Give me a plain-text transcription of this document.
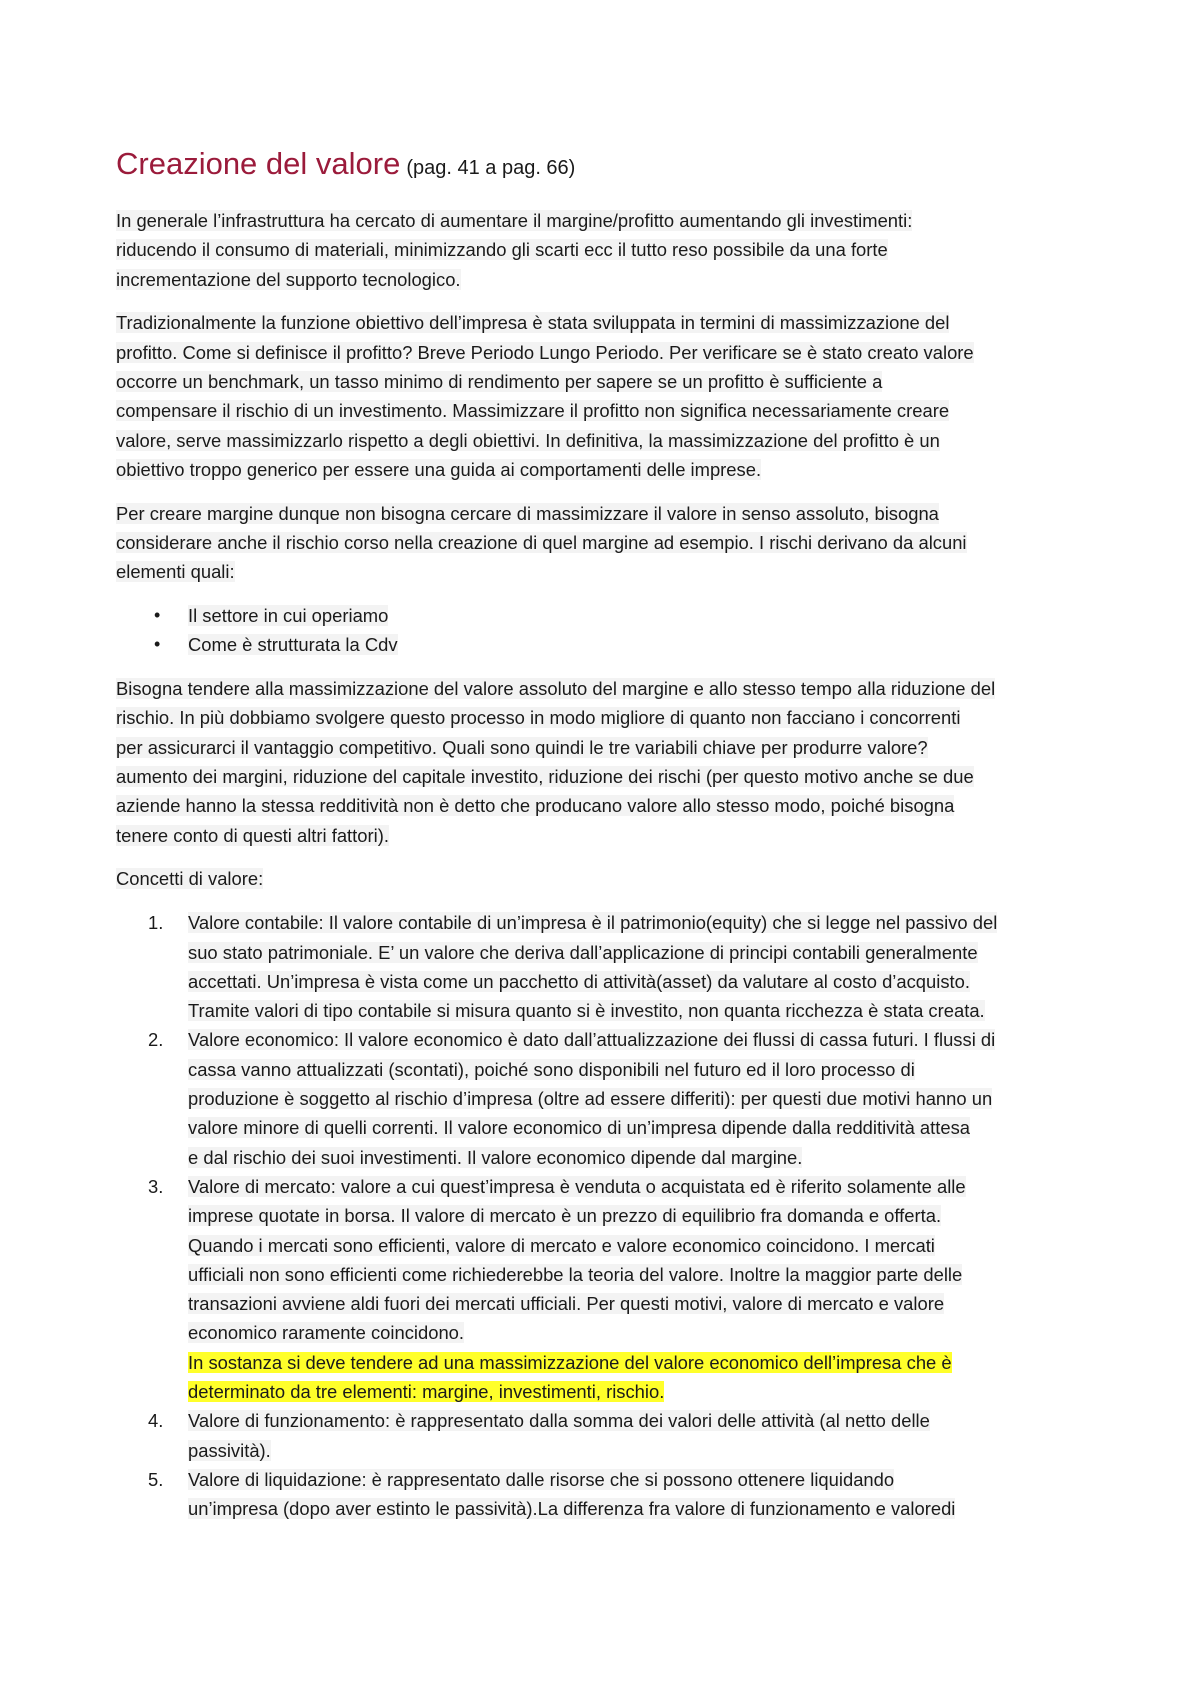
Creazione del valore (pag. 41 a pag. 66)
In generale l’infrastruttura ha cercato di aumentare il margine/profitto aumentando gli investimenti:
riducendo il consumo di materiali, minimizzando gli scarti ecc il tutto reso possibile da una forte
incrementazione del supporto tecnologico.
Tradizionalmente la funzione obiettivo dell’impresa è stata sviluppata in termini di massimizzazione del
profitto. Come si definisce il profitto? Breve Periodo Lungo Periodo. Per verificare se è stato creato valore
occorre un benchmark, un tasso minimo di rendimento per sapere se un profitto è sufficiente a
compensare il rischio di un investimento. Massimizzare il profitto non significa necessariamente creare
valore, serve massimizzarlo rispetto a degli obiettivi. In definitiva, la massimizzazione del profitto è un
obiettivo troppo generico per essere una guida ai comportamenti delle imprese.
Per creare margine dunque non bisogna cercare di massimizzare il valore in senso assoluto, bisogna
considerare anche il rischio corso nella creazione di quel margine ad esempio. I rischi derivano da alcuni
elementi quali:
• Il settore in cui operiamo
• Come è strutturata la Cdv
Bisogna tendere alla massimizzazione del valore assoluto del margine e allo stesso tempo alla riduzione del
rischio. In più dobbiamo svolgere questo processo in modo migliore di quanto non facciano i concorrenti
per assicurarci il vantaggio competitivo. Quali sono quindi le tre variabili chiave per produrre valore?
aumento dei margini, riduzione del capitale investito, riduzione dei rischi (per questo motivo anche se due
aziende hanno la stessa redditività non è detto che producano valore allo stesso modo, poiché bisogna
tenere conto di questi altri fattori).
Concetti di valore:
1. Valore contabile: Il valore contabile di un’impresa è il patrimonio(equity) che si legge nel passivo del
suo stato patrimoniale. E’ un valore che deriva dall’applicazione di principi contabili generalmente
accettati. Un’impresa è vista come un pacchetto di attività(asset) da valutare al costo d’acquisto.
Tramite valori di tipo contabile si misura quanto si è investito, non quanta ricchezza è stata creata.
2. Valore economico: Il valore economico è dato dall’attualizzazione dei flussi di cassa futuri. I flussi di
cassa vanno attualizzati (scontati), poiché sono disponibili nel futuro ed il loro processo di
produzione è soggetto al rischio d’impresa (oltre ad essere differiti): per questi due motivi hanno un
valore minore di quelli correnti. Il valore economico di un’impresa dipende dalla redditività attesa
e dal rischio dei suoi investimenti. Il valore economico dipende dal margine.
3. Valore di mercato: valore a cui quest’impresa è venduta o acquistata ed è riferito solamente alle
imprese quotate in borsa. Il valore di mercato è un prezzo di equilibrio fra domanda e offerta.
Quando i mercati sono efficienti, valore di mercato e valore economico coincidono. I mercati
ufficiali non sono efficienti come richiederebbe la teoria del valore. Inoltre la maggior parte delle
transazioni avviene aldi fuori dei mercati ufficiali. Per questi motivi, valore di mercato e valore
economico raramente coincidono.
In sostanza si deve tendere ad una massimizzazione del valore economico dell’impresa che è
determinato da tre elementi: margine, investimenti, rischio.
4. Valore di funzionamento: è rappresentato dalla somma dei valori delle attività (al netto delle
passività).
5. Valore di liquidazione: è rappresentato dalle risorse che si possono ottenere liquidando
un’impresa (dopo aver estinto le passività).La differenza fra valore di funzionamento e valoredi
